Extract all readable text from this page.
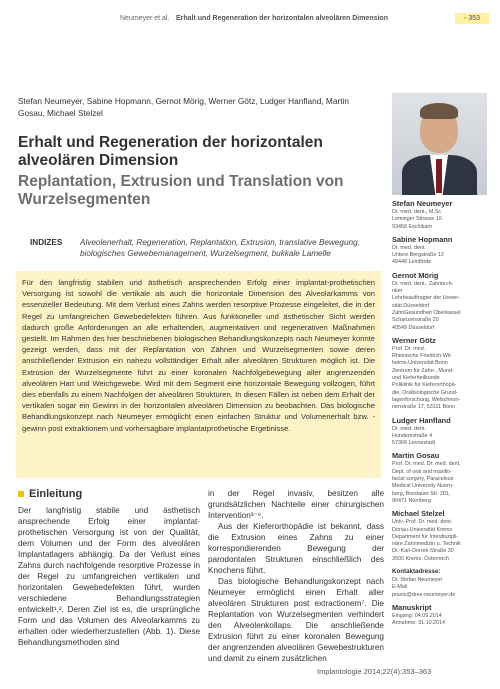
Neumeyer et al. Erhalt und Regeneration der horizontalen alveolären Dimension	▪ 353
Stefan Neumeyer, Sabine Hopmann, Gernot Mörig, Werner Götz, Ludger Hanfland, Martin Gosau, Michael Stelzel
Erhalt und Regeneration der horizontalen alveolären Dimension
Replantation, Extrusion und Translation von Wurzelsegmenten
INDIZES Alveolenerhalt, Regeneration, Replantation, Extrusion, translative Bewegung, biologisches Gewebemanagement, Wurzelsegment, bukkale Lamelle

Für den langfristig stabilen und ästhetisch ansprechenden Erfolg einer implantat-prothetischen Versorgung ist sowohl die vertikale als auch die horizontale Dimension des Alveolarkamms von essenzieller Bedeutung. Mit dem Verlust eines Zahns werden resorptive Prozesse eingeleitet, die in der Regel zu umfangreichen Gewebedefekten führen. Aus funktioneller und ästhetischer Sicht werden dadurch große Anforderungen an alle erhaltenden, augmentativen und regenerativen Maßnahmen gestellt. Im Rahmen des hier beschriebenen biologischen Behandlungskonzepts nach Neumeyer konnte gezeigt werden, dass mit der Replantation von Zähnen und Wurzelsegmenten sowie deren anschließender Extrusion ein nahezu vollständiger Erhalt aller alveolären Strukturen möglich ist. Die Extrusion der Wurzelsegmente führt zu einer koronalen Nachfolgebewegung aller angrenzenden alveolären Hart und Weichgewebe. Wird mit dem Segment eine horizontale Bewegung vollzogen, führt dies ebenfalls zu einem Nachfolgen der alveolären Strukturen. In diesen Fällen ist neben dem Erhalt der vertikalen sogar ein Gewinn in der horizontalen alveolären Dimension zu beobachten. Das biologische Behandlungskonzept nach Neumeyer ermöglicht einen einfachen Struktur und Volumenerhalt bzw. -gewinn post extraktionem und vorhersagbare implantatprothetische Ergebnisse.

Einleitung

Der langfristig stabile und ästhetisch ansprechende Erfolg einer implantat-prothetischen Versorgung ist von der Qualität, dem Volumen und der Form des alveolären Implantatlagers abhängig. Da der Verlust eines Zahns durch nachfolgende resorptive Prozesse in der Regel zu umfangreichen vertikalen und horizontalen Gewebedefekten führt, wurden verschiedene Behandlungsstrategien entwickelt¹,². Deren Ziel ist es, die ursprüngliche Form und das Volumen des Alveolarkamms zu erhalten oder wiederherzustellen (Abb. 1). Diese Behandlungsmethoden sind

in der Regel invasiv, besitzen alle grundsätzlichen Nachteile einer chirurgischen Intervention³⁻⁶.

Aus der Kieferorthopädie ist bekannt, dass die Extrusion eines Zahns zu einer korrespondierenden Bewegung der parodontalen Strukturen einschließlich des Knochens führt.

Das biologische Behandlungskonzept nach Neumeyer ermöglicht einen Erhalt aller alveolären Strukturen post extractionem⁷. Die Replantation von Wurzelsegmenten verhindert den Alveolenkollaps. Die anschließende Extrusion führt zu einer koronalen Bewegung der angrenzenden alveolären Gewebestrukturen und damit zu einem zusätzlichen

Implantologie 2014;22(4):353–363
Stefan Neumeyer
Dr. med. dent., M.Sc.
Leminger Strasse 10
93458 Eschlkam
Sabine Hopmann
Dr. med. dent.
Untere Bergstraße 12
49448 Lemförde
Gernot Mörig
Dr. med. dent., Zahnbrch-
nker
Lehrbeauftragter der Univer-
sität Düsseldorf
ZahnGesundheit Oberkassel
Schanzenstraße 20
40549 Düsseldorf
Werner Götz
Prof. Dr. med.
Rheinische Friedrich-Wil-
helms-Universität Bonn
Zentrum für Zahn-, Mund-
und Kieferheilkunde
Poliklinik für Kieferorthopä-
die, Oralbiologische Grund-
lagenforschung, Welschnon-
nenstraße 17, 53111 Bonn
Ludger Hanfland
Dr. med. dent.
Hundemstraße 4
57368 Lennestadt
Martin Gosau
Prof. Dr. med. Dr. med. dent.
Dept. of oral and maxillo-
facial surgery, Paracelsus
Medical University Nuern-
berg, Breslauer Str. 201,
90471 Nürnberg
Michael Stelzel
Univ.-Prof. Dr. med. dent.
Donau-Universität Krems
Department für Interdiszipli-
näre Zahnmedizin u. Technik
Dr.-Karl-Dorrek-Straße 30
3500 Krems, Österreich
Kontaktadresse:
Dr. Stefan Neumeyer
E-Mail
praxis@dres-neumeyer.de
Manuskript
Eingang: 04.09.2014
Annahme: 31.10.2014
